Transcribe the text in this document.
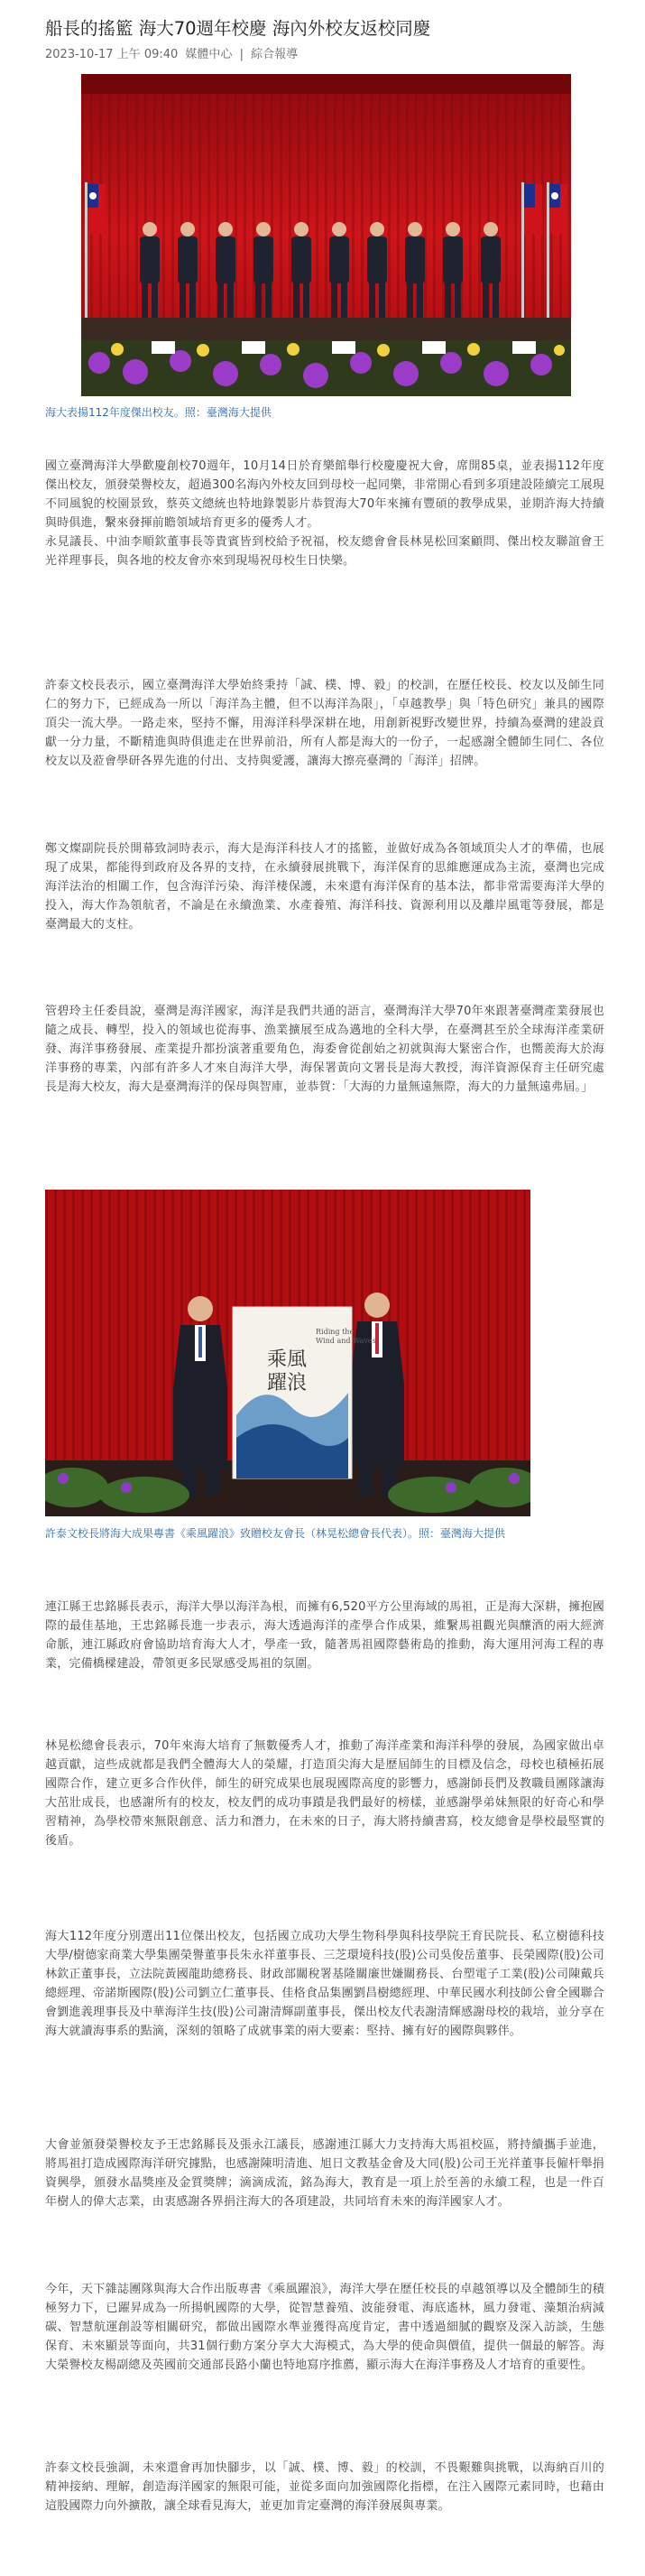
船長的搖籃 海大70週年校慶 海內外校友返校同慶
2023-10-17 上午 09:40 媒體中心 | 綜合報導
海大表揚112年度傑出校友。照：臺灣海大提供

國立臺灣海洋大學歡慶創校70週年，10月14日於育樂館舉行校慶慶祝大會，席開85桌，並表揚112年度傑出校友，頒發榮譽校友，超過300名海內外校友回到母校一起同樂，非常開心看到多項建設陸續完工展現不同風貌的校園景致，蔡英文總統也特地錄製影片恭賀海大70年來擁有豐碩的教學成果，並期許海大持續與時俱進，繫來發揮前瞻領域培育更多的優秀人才。

永見議長、中油李順欽董事長等貴賓皆到校給予祝福，校友總會會長林晃松回案顧問、傑出校友聯誼會王光祥理事長，與各地的校友會亦來到現場祝母校生日快樂。

許泰文校長表示，國立臺灣海洋大學始終秉持「誠、樸、博、毅」的校訓，在歷任校長、校友以及師生同仁的努力下，已經成為一所以「海洋為主體，但不以海洋為限」，「卓越教學」與「特色研究」兼具的國際頂尖一流大學。一路走來，堅持不懈，用海洋科學深耕在地，用創新視野改變世界，持續為臺灣的建設貢獻一分力量，不斷精進與時俱進走在世界前沿，所有人都是海大的一份子，一起感謝全體師生同仁、各位校友以及蒞會學研各界先進的付出、支持與愛護，讓海大擦亮臺灣的「海洋」招牌。

鄭文燦副院長於開幕致詞時表示，海大是海洋科技人才的搖籃，並做好成為各領域頂尖人才的準備，也展現了成果，都能得到政府及各界的支持，在永續發展挑戰下，海洋保育的思維應運成為主流，臺灣也完成海洋法治的相關工作，包含海洋污染、海洋棲保護，未來還有海洋保育的基本法，都非常需要海洋大學的投入，海大作為領航者，不論是在永續漁業、水產養殖、海洋科技、資源利用以及離岸風電等發展，都是臺灣最大的支柱。

管碧玲主任委員說，臺灣是海洋國家，海洋是我們共通的語言，臺灣海洋大學70年來跟著臺灣產業發展也隨之成長、轉型，投入的領域也從海事、漁業擴展至成為邁地的全科大學，在臺灣甚至於全球海洋產業研發、海洋事務發展、產業提升都扮演著重要角色，海委會從創始之初就與海大緊密合作，也嚮羨海大於海洋事務的專業，內部有許多人才來自海洋大學，海保署黃向文署長是海大教授，海洋資源保育主任研究處長是海大校友，海大是臺灣海洋的保母與智庫，並恭賀：「大海的力量無遠無際，海大的力量無遠弗屆。」

乘風躍浪
Riding the Wind and Waves
許泰文校長將海大成果專書《乘風躍浪》致贈校友會長（林晃松總會長代表）。照：臺灣海大提供

連江縣王忠銘縣長表示，海洋大學以海洋為根，而擁有6,520平方公里海域的馬祖，正是海大深耕，擁抱國際的最佳基地，王忠銘縣長進一步表示，海大透過海洋的產學合作成果，維繫馬祖觀光與釀酒的兩大經濟命脈，連江縣政府會協助培育海大人才，學產一致，隨著馬祖國際藝術島的推動，海大運用河海工程的專業，完備橋樑建設，帶領更多民眾感受馬祖的氛圍。

林晃松總會長表示，70年來海大培育了無數優秀人才，推動了海洋產業和海洋科學的發展，為國家做出卓越貢獻，這些成就都是我們全體海大人的榮耀，打造頂尖海大是歷屆師生的目標及信念，母校也積極拓展國際合作，建立更多合作伙伴，師生的研究成果也展現國際高度的影響力，感謝師長們及教職員團隊讓海大茁壯成長，也感謝所有的校友，校友們的成功事蹟是我們最好的榜樣，並感謝學弟妹無限的好奇心和學習精神，為學校帶來無限創意、活力和潛力，在未來的日子，海大將持續書寫，校友總會是學校最堅實的後盾。

海大112年度分別選出11位傑出校友，包括國立成功大學生物科學與科技學院王育民院長、私立樹德科技大學/樹德家商業大學集團榮譽董事長朱永祥董事長、三芝環境科技(股)公司吳俊岳董事、長榮國際(股)公司林欽正董事長，立法院黃國龍助總務長、財政部關稅署基隆關廉世嫌關務長、台塑電子工業(股)公司陳戴兵總經理、帝諾斯國際(股)公司劉立仁董事長、佳格食品集團劉昌樹總經理、中華民國水利技師公會全國聯合會劉進義理事長及中華海洋生技(股)公司謝清輝副董事長，傑出校友代表謝清輝感謝母校的栽培，並分享在海大就讀海事系的點滴，深刻的領略了成就事業的兩大要素：堅持、擁有好的國際與夥伴。

大會並頒發榮譽校友予王忠銘縣長及張永江議長，感謝連江縣大力支持海大馬祖校區，將持續攜手並進，將馬祖打造成國際海洋研究據點，也感謝陳明清進、旭日文教基金會及大同(股)公司王光祥董事長僱杆舉捐資興學，頒發水晶獎座及金質獎牌；滴滴成流，銘為海大，教育是一項上於至善的永續工程，也是一件百年樹人的偉大志業，由衷感謝各界捐注海大的各項建設，共同培育未來的海洋國家人才。

今年，天下雜誌團隊與海大合作出版專書《乘風躍浪》，海洋大學在歷任校長的卓越領導以及全體師生的積極努力下，已躍昇成為一所揚帆國際的大學，從智慧養殖、波能發電、海底遙林，風力發電、藻類治病減碳、智慧航運創設等相關研究，都做出國際水準並獲得高度肯定，書中透過細膩的觀察及深入訪談，生態保育、未來顯景等面向，共31個行動方案分享大大海模式，為大學的使命與價值，提供一個最的解答。海大榮譽校友楊副總及英國前交通部長路小蘭也特地寫序推薦，顯示海大在海洋事務及人才培育的重要性。

許泰文校長強調，未來還會再加快腳步，以「誠、樸、博、毅」的校訓，不畏艱難與挑戰，以海納百川的精神接納、理解，創造海洋國家的無限可能，並從多面向加強國際化指標，在注入國際元素同時，也藉由這股國際力向外擴散，讓全球看見海大，並更加肯定臺灣的海洋發展與專業。
